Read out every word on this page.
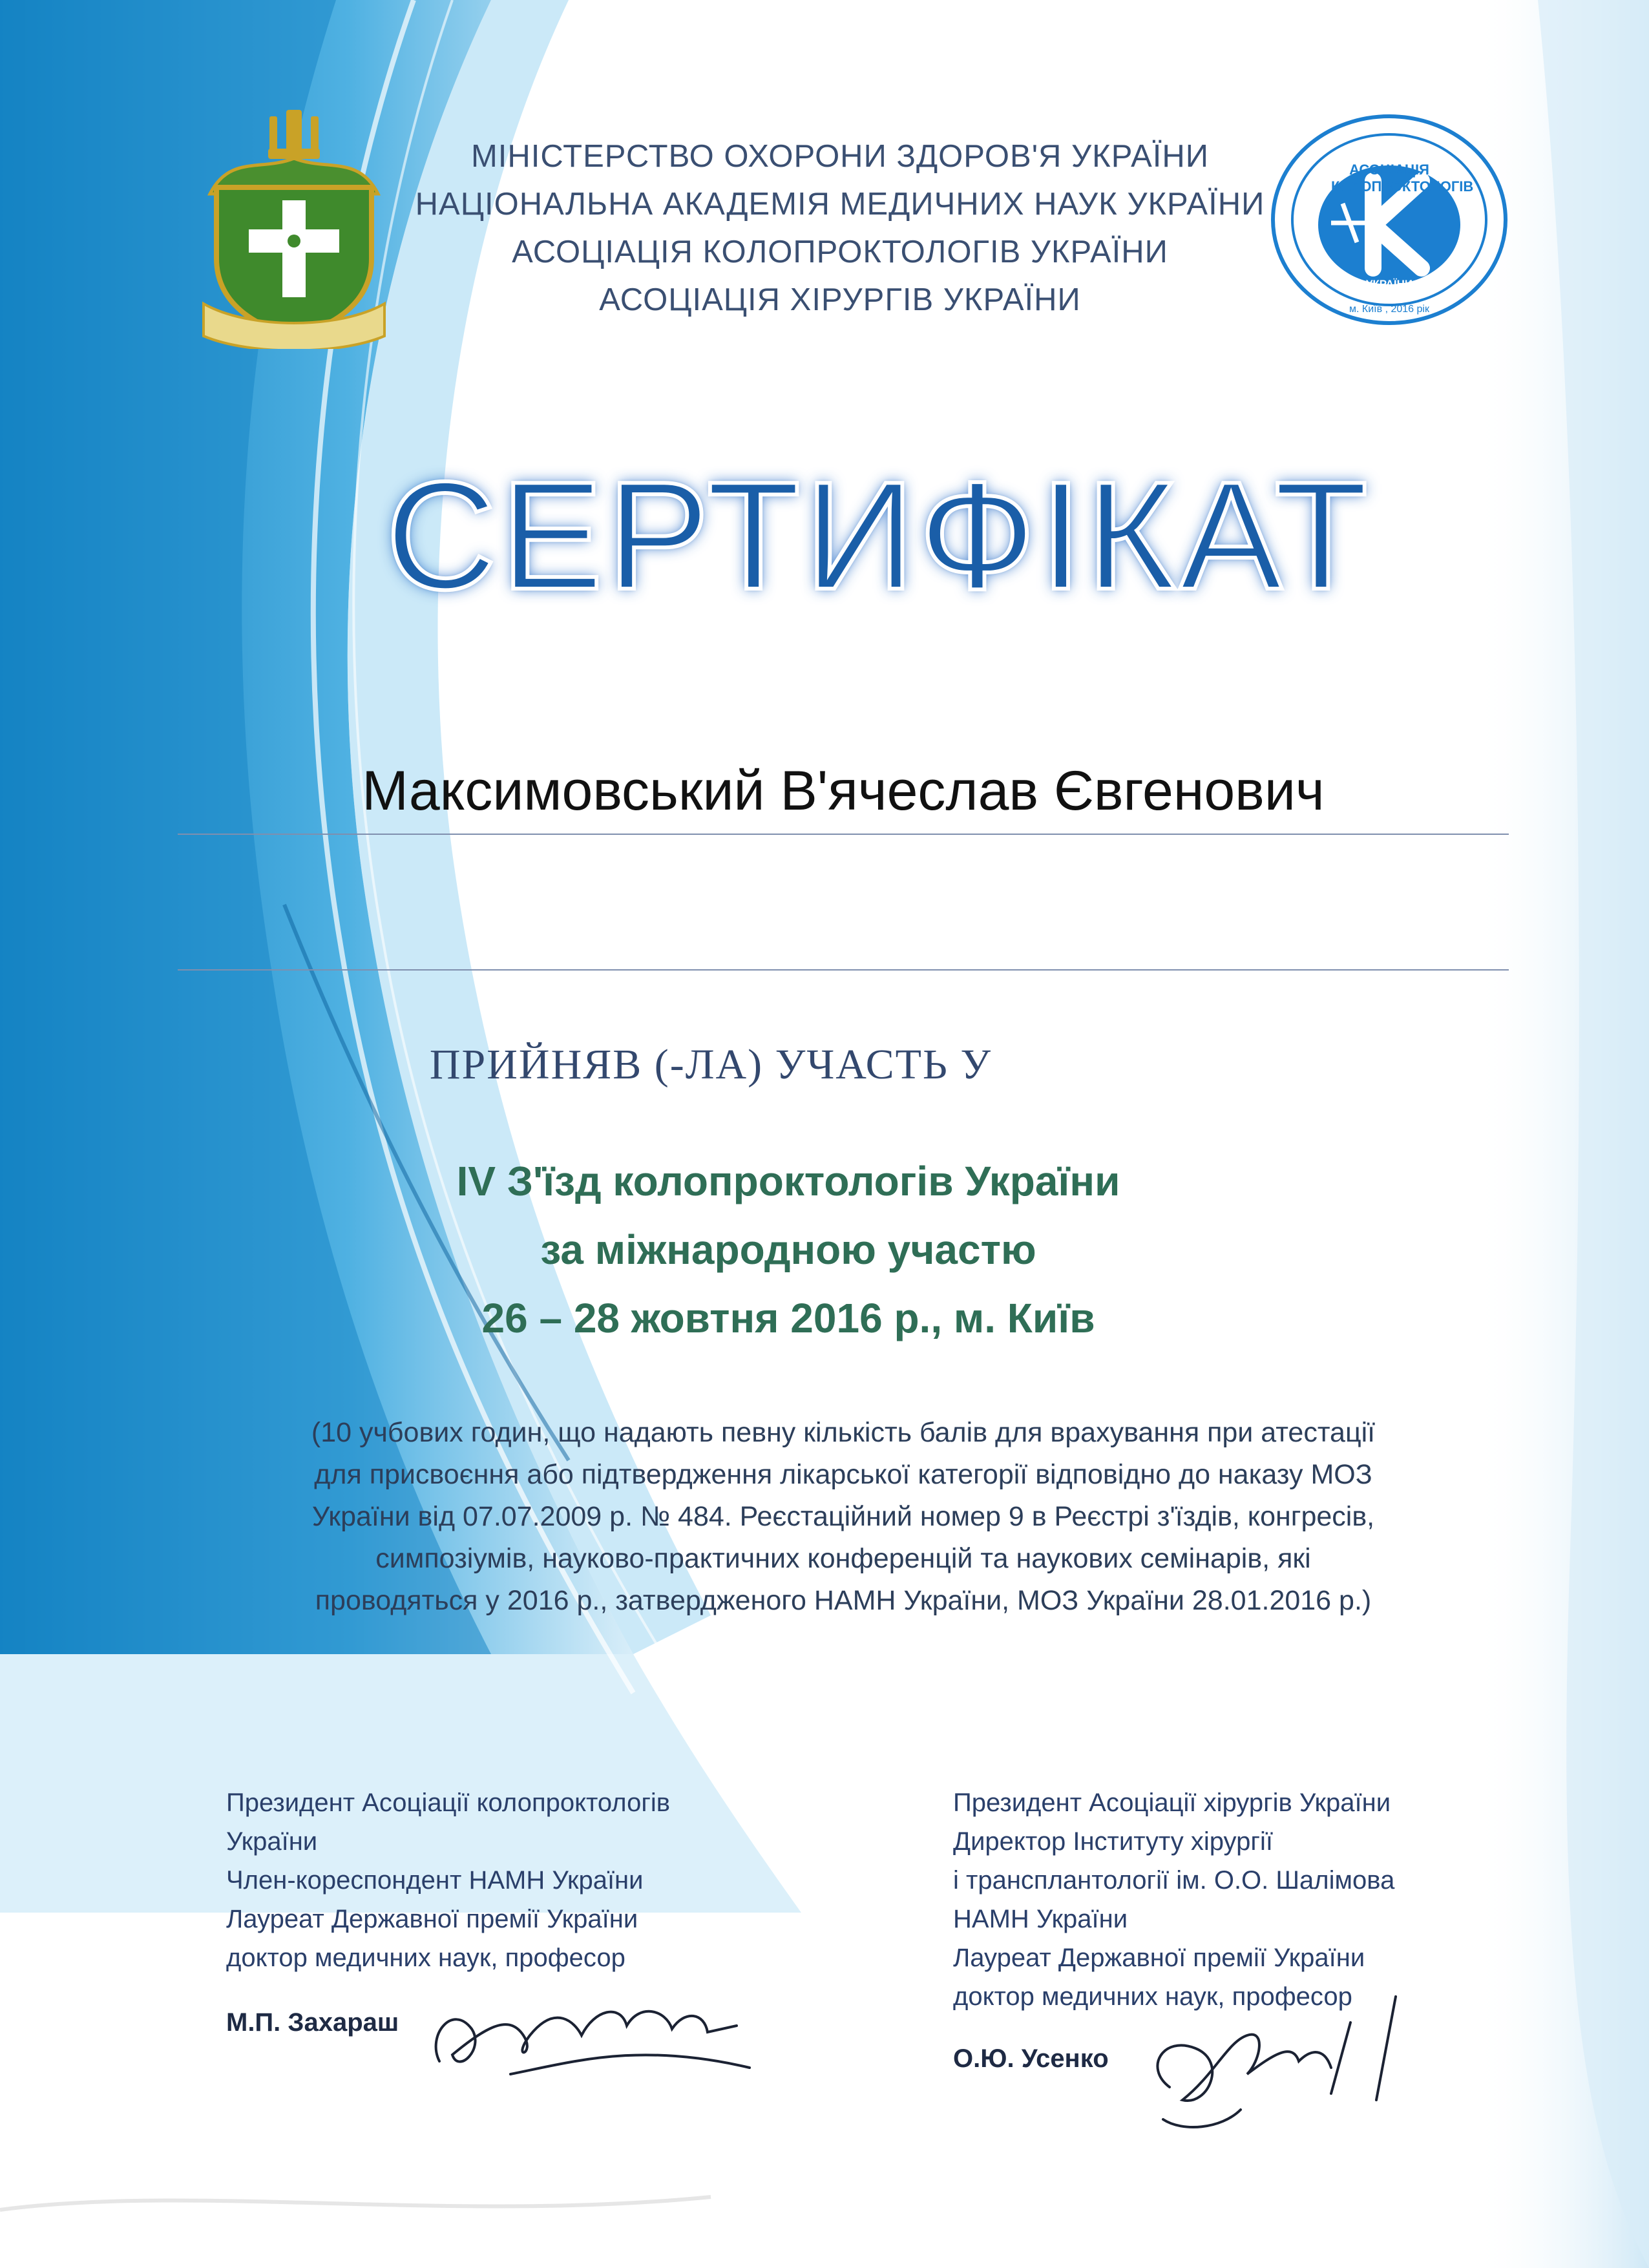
АСОЦІАЦІЯ КОЛОПРОКТОЛОГІВ
УКРАЇНИ
м. Київ , 2016 рік
МІНІСТЕРСТВО ОХОРОНИ ЗДОРОВ'Я УКРАЇНИ
НАЦІОНАЛЬНА АКАДЕМІЯ МЕДИЧНИХ НАУК УКРАЇНИ
АСОЦІАЦІЯ КОЛОПРОКТОЛОГІВ УКРАЇНИ
АСОЦІАЦІЯ ХІРУРГІВ УКРАЇНИ
СЕРТИФІКАТ
Максимовський В'ячеслав Євгенович
ПРИЙНЯВ (-ЛА) УЧАСТЬ У
IV З'їзд колопроктологів України
за міжнародною участю
26 – 28 жовтня 2016 р., м. Київ
(10 учбових годин, що надають певну кількість балів для врахування при атестації
для присвоєння або підтвердження лікарської категорії відповідно до наказу МОЗ
України від 07.07.2009 р. № 484. Реєстаційний номер 9 в Реєстрі з'їздів, конгресів,
симпозіумів, науково-практичних конференцій та наукових семінарів, які
проводяться у 2016 р., затвердженого НАМН України, МОЗ України 28.01.2016 р.)
Президент Асоціації колопроктологів
України
Член-кореспондент НАМН України
Лауреат Державної премії України
доктор медичних наук, професор
М.П. Захараш
Президент Асоціації хірургів України
Директор Інституту хірургії
і трансплантології ім. О.О. Шалімова
НАМН України
Лауреат Державної премії України
доктор медичних наук, професор
О.Ю. Усенко
